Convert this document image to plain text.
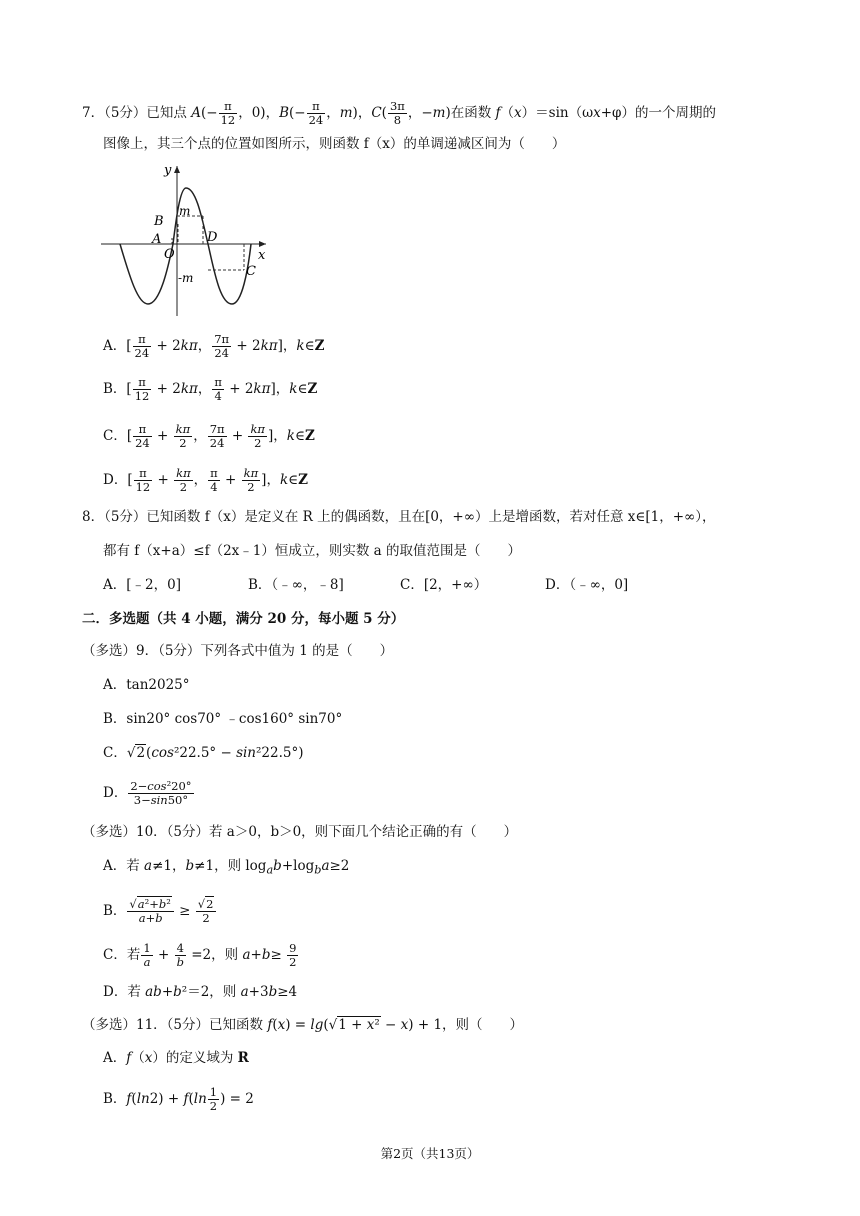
7．（5分）已知点 $A(- \frac{\pi}{12}$ ，0)，$B(- \frac{\pi}{24}$ ，m)，$C( \frac{3\pi}{8}$ ，−m)在函数 f（x）＝sin（ωx+φ）的一个周期的
图像上，其三个点的位置如图所示，则函数 f（x）的单调递减区间为（　　）
y
x
B
A
O
D
C
m
-m
A．[ $\frac{\pi}{24} + 2k\pi$， $\frac{7\pi}{24} + 2k\pi$]，k∈Z
B．[ $\frac{\pi}{12} + 2k\pi$， $\frac{\pi}{4} + 2k\pi$]，k∈Z
C．[ $\frac{\pi}{24} + \frac{k\pi}{2}$ ， $\frac{7\pi}{24} + \frac{k\pi}{2}$ ]，k∈Z
D．[ $\frac{\pi}{12} + \frac{k\pi}{2}$ ， $\frac{\pi}{4} + \frac{k\pi}{2}$ ]，k∈Z
8．（5分）已知函数 f（x）是定义在 R 上的偶函数，且在[0，+∞）上是增函数，若对任意 x∈[1，+∞），
都有 f（x+a）≤f（2x﹣1）恒成立，则实数 a 的取值范围是（　　）
A．[﹣2，0]	B．（﹣∞，﹣8]	C．[2，+∞）	D．（﹣∞，0]
二．多选题（共 4 小题，满分 20 分，每小题 5 分）
（多选）9．（5分）下列各式中值为 1 的是（　　）
A．tan2025°
B．sin20° cos70° ﹣cos160° sin70°
C．√2(cos²22.5° − sin²22.5°)
D． $\frac{\text{2−cos²20°}}{3-\sin 50^\circ}$
（多选）10．（5分）若 a＞0，b＞0，则下面几个结论正确的有（　　）
A．若 a≠1，b≠1，则 $\log_ab+\log_ba\ge 2$
B． $\frac{\text{√a²+b²}}{a+b} \ge \frac{√2}{2}$
C．若 $\frac{1}{a} + \frac{4}{b} =2$，则 $a+b\ge \frac{9}{2}$
D．若 ab+b²＝2，则 a+3b≥4
（多选）11．（5分）已知函数 f(x) = lg(√1 + x² − x) + 1，则（　　）
A．f（x）的定义域为 R
B．$f(\ln 2) + f(\ln \frac{1}{2}$ ) = 2
第2页（共13页）
